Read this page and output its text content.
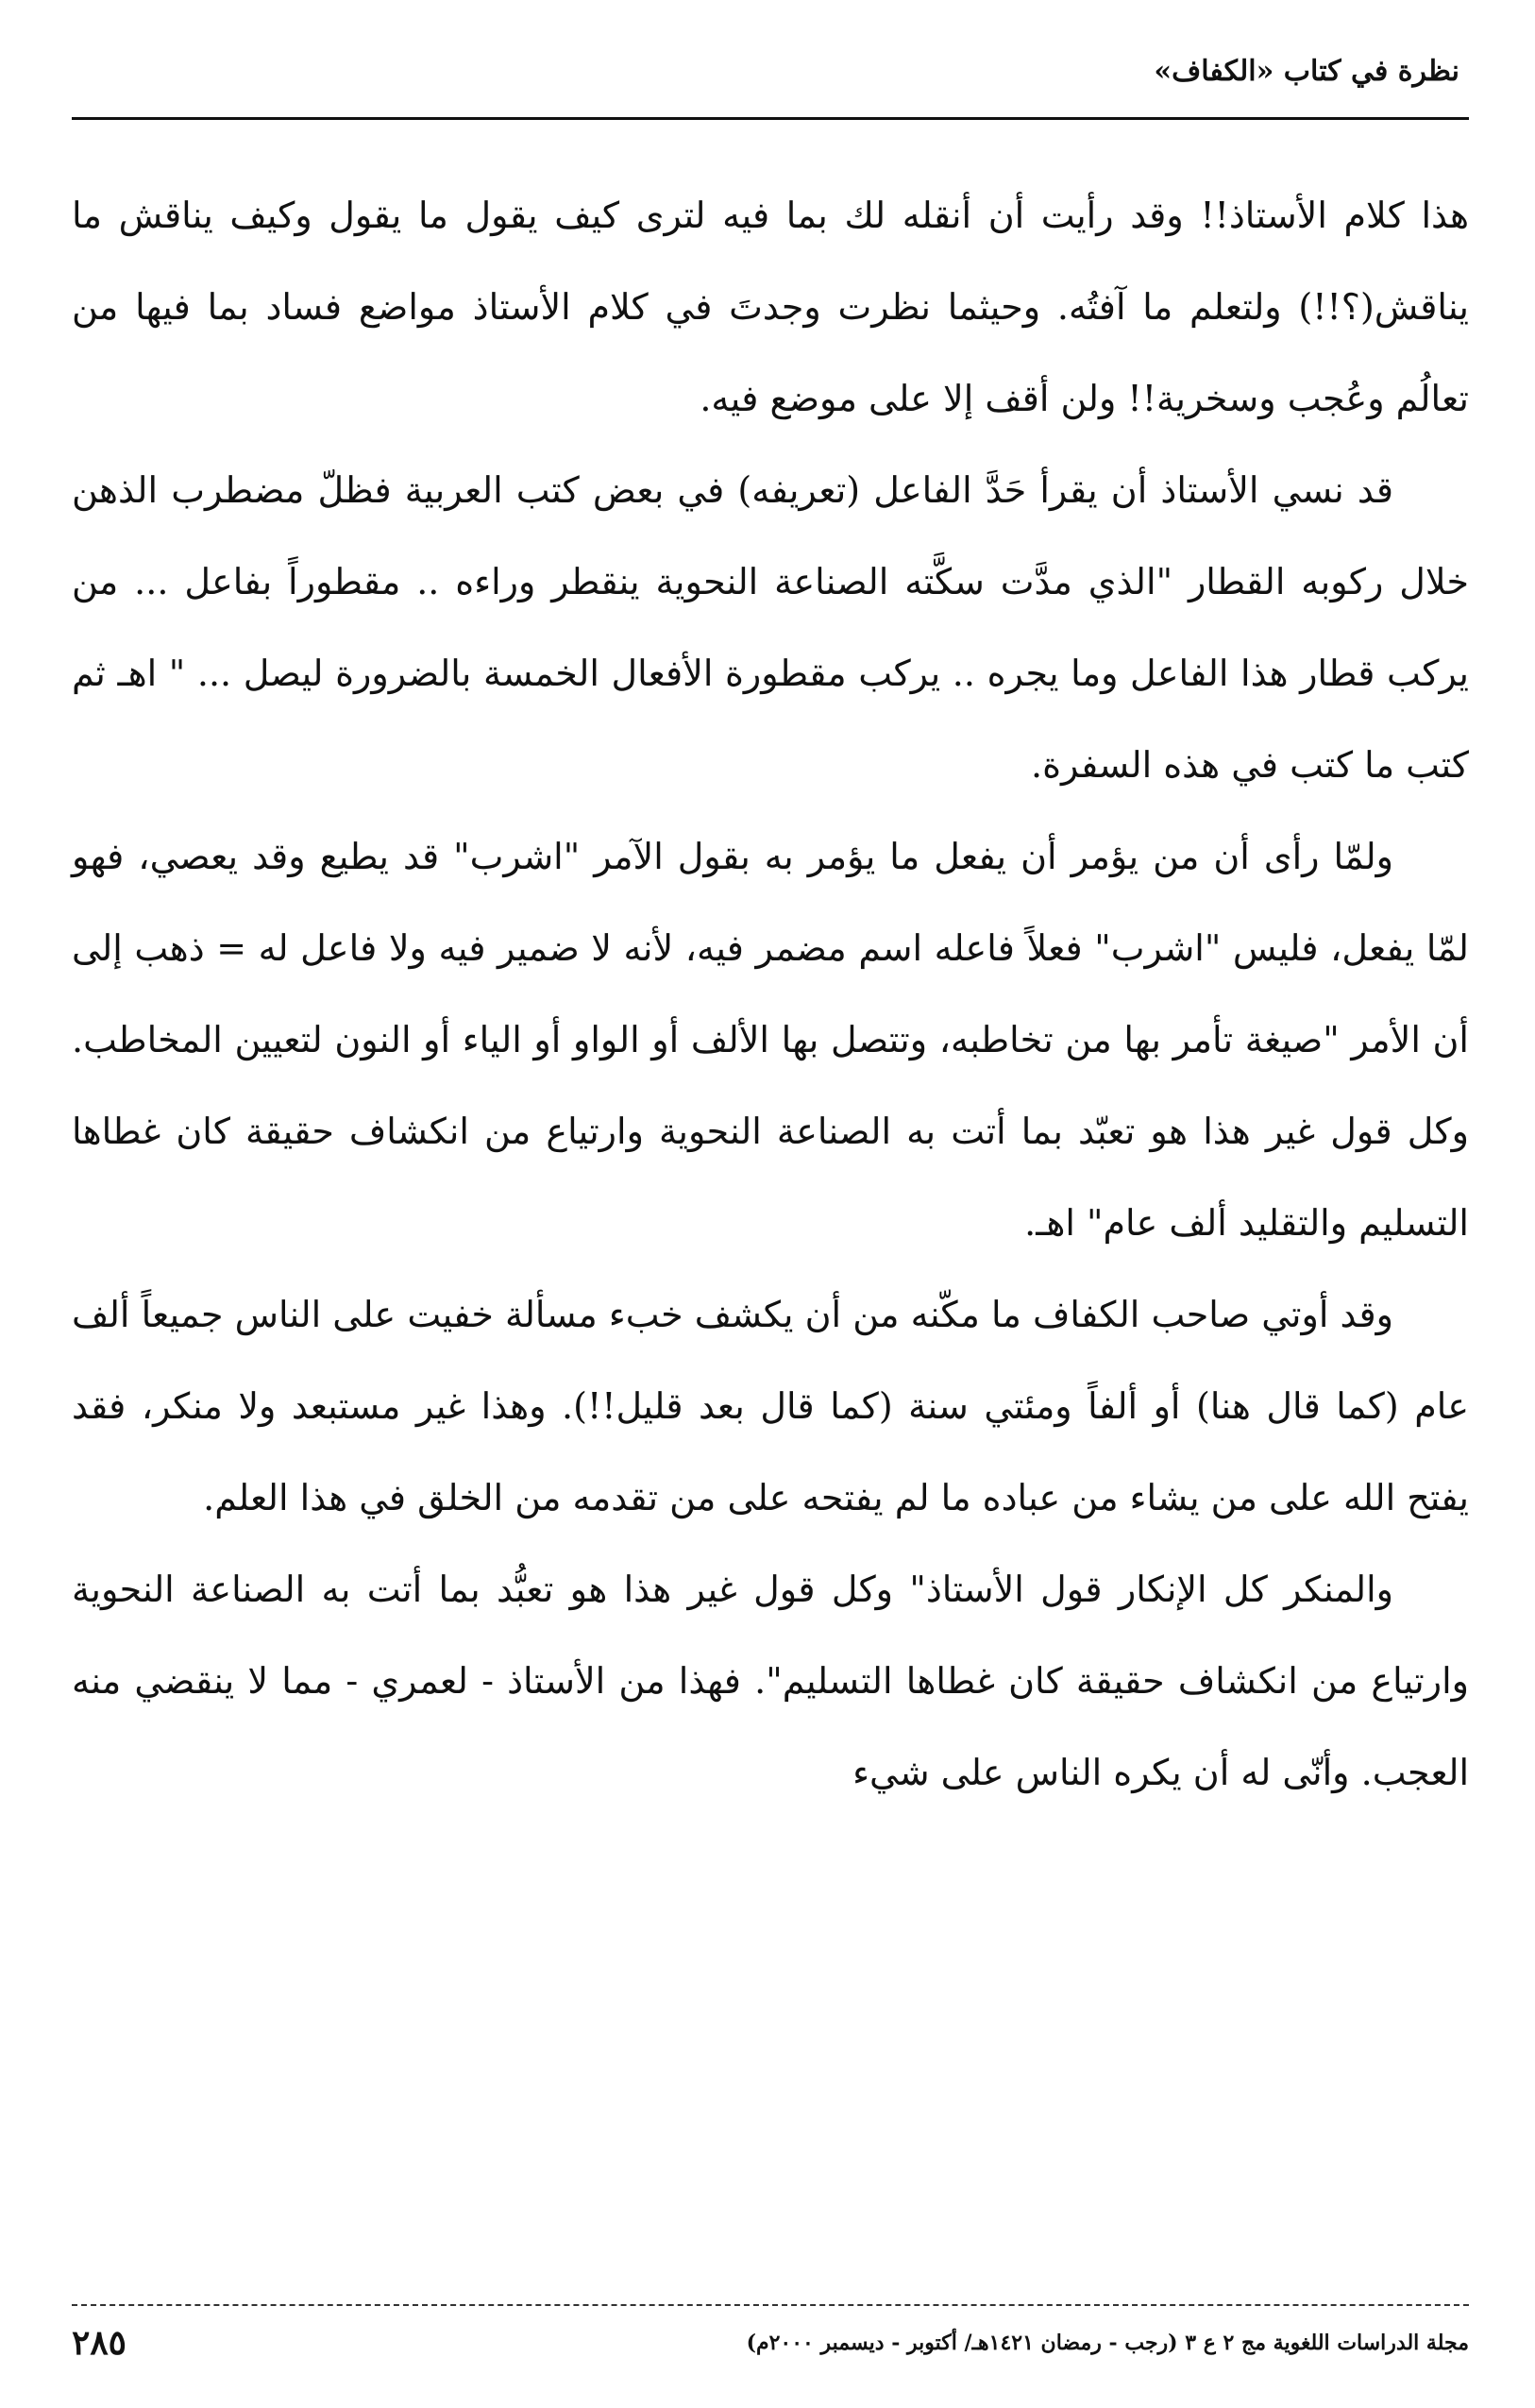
نظرة في كتاب «الكفاف»

هذا كلام الأستاذ!! وقد رأيت أن أنقله لك بما فيه لترى كيف يقول ما يقول وكيف يناقش ما يناقش(؟!!) ولتعلم ما آفتُه. وحيثما نظرت وجدتَ في كلام الأستاذ مواضع فساد بما فيها من تعالُم وعُجب وسخرية!! ولن أقف إلا على موضع فيه.

قد نسي الأستاذ أن يقرأ حَدَّ الفاعل (تعريفه) في بعض كتب العربية فظلّ مضطرب الذهن خلال ركوبه القطار "الذي مدَّت سكَّته الصناعة النحوية ينقطر وراءه .. مقطوراً بفاعل ... من يركب قطار هذا الفاعل وما يجره .. يركب مقطورة الأفعال الخمسة بالضرورة ليصل ... " اهـ ثم كتب ما كتب في هذه السفرة.

ولمّا رأى أن من يؤمر أن يفعل ما يؤمر به بقول الآمر "اشرب" قد يطيع وقد يعصي، فهو لمّا يفعل، فليس "اشرب" فعلاً فاعله اسم مضمر فيه، لأنه لا ضمير فيه ولا فاعل له = ذهب إلى أن الأمر "صيغة تأمر بها من تخاطبه، وتتصل بها الألف أو الواو أو الياء أو النون لتعيين المخاطب. وكل قول غير هذا هو تعبّد بما أتت به الصناعة النحوية وارتياع من انكشاف حقيقة كان غطاها التسليم والتقليد ألف عام" اهـ.

وقد أوتي صاحب الكفاف ما مكّنه من أن يكشف خبء مسألة خفيت على الناس جميعاً ألف عام (كما قال هنا) أو ألفاً ومئتي سنة (كما قال بعد قليل!!). وهذا غير مستبعد ولا منكر، فقد يفتح الله على من يشاء من عباده ما لم يفتحه على من تقدمه من الخلق في هذا العلم.

والمنكر كل الإنكار قول الأستاذ" وكل قول غير هذا هو تعبُّد بما أتت به الصناعة النحوية وارتياع من انكشاف حقيقة كان غطاها التسليم". فهذا من الأستاذ - لعمري - مما لا ينقضي منه العجب. وأنّى له أن يكره الناس على شيء

مجلة الدراسات اللغوية مج ٢ ع ٣ (رجب - رمضان ١٤٢١هـ/ أكتوبر - ديسمبر ٢٠٠٠م)
٢٨٥
